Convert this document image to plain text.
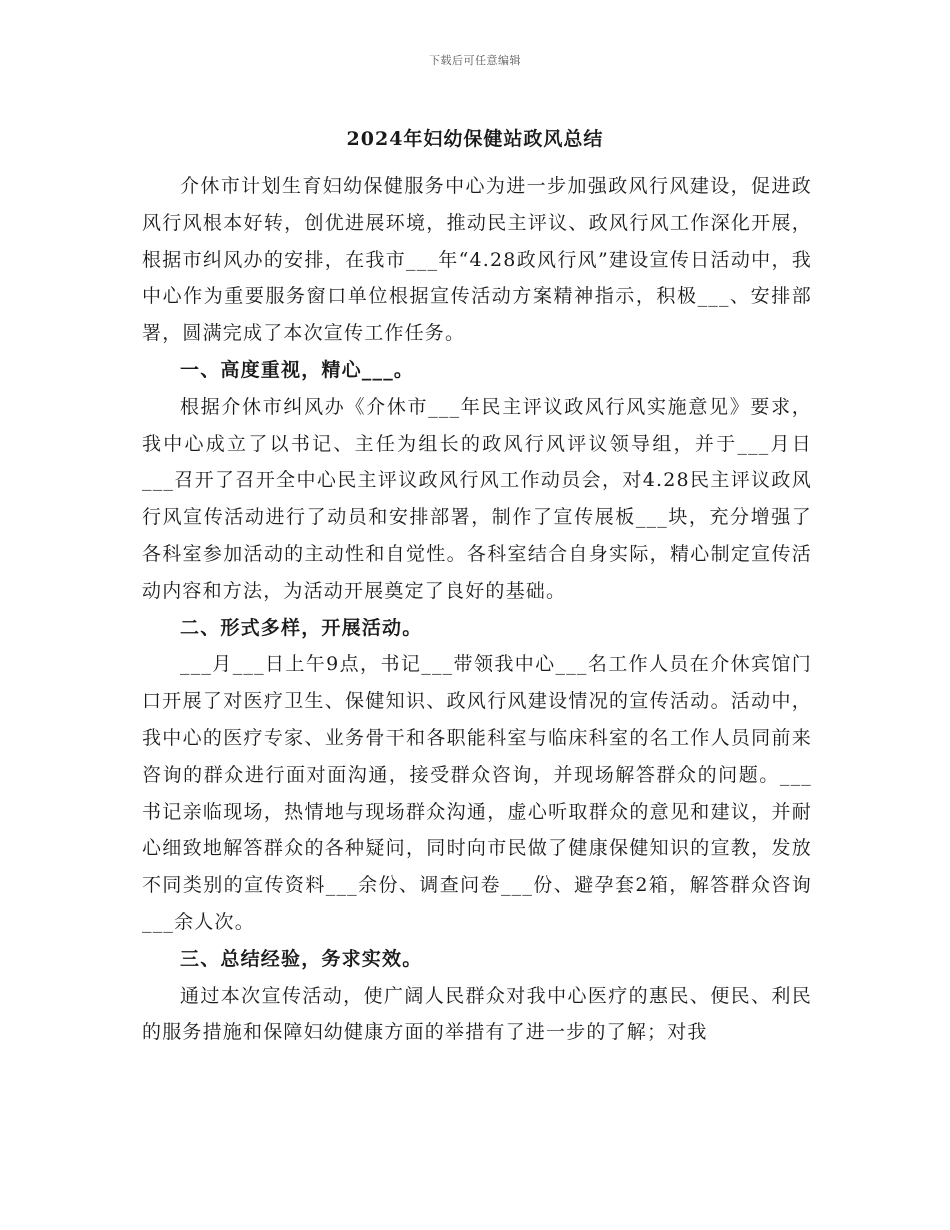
下载后可任意编辑
2024年妇幼保健站政风总结

介休市计划生育妇幼保健服务中心为进一步加强政风行风建设，促进政风行风根本好转，创优进展环境，推动民主评议、政风行风工作深化开展，根据市纠风办的安排，在我市___年“4.28政风行风”建设宣传日活动中，我中心作为重要服务窗口单位根据宣传活动方案精神指示，积极___、安排部署，圆满完成了本次宣传工作任务。

一、高度重视，精心___。

根据介休市纠风办《介休市___年民主评议政风行风实施意见》要求，我中心成立了以书记、主任为组长的政风行风评议领导组，并于___月日___召开了召开全中心民主评议政风行风工作动员会，对4.28民主评议政风行风宣传活动进行了动员和安排部署，制作了宣传展板___块，充分增强了各科室参加活动的主动性和自觉性。各科室结合自身实际，精心制定宣传活动内容和方法，为活动开展奠定了良好的基础。

二、形式多样，开展活动。

___月___日上午9点，书记___带领我中心___名工作人员在介休宾馆门口开展了对医疗卫生、保健知识、政风行风建设情况的宣传活动。活动中，我中心的医疗专家、业务骨干和各职能科室与临床科室的名工作人员同前来咨询的群众进行面对面沟通，接受群众咨询，并现场解答群众的问题。___书记亲临现场，热情地与现场群众沟通，虚心听取群众的意见和建议，并耐心细致地解答群众的各种疑问，同时向市民做了健康保健知识的宣教，发放不同类别的宣传资料___余份、调查问卷___份、避孕套2箱，解答群众咨询___余人次。

三、总结经验，务求实效。

通过本次宣传活动，使广阔人民群众对我中心医疗的惠民、便民、利民的服务措施和保障妇幼健康方面的举措有了进一步的了解；对我
